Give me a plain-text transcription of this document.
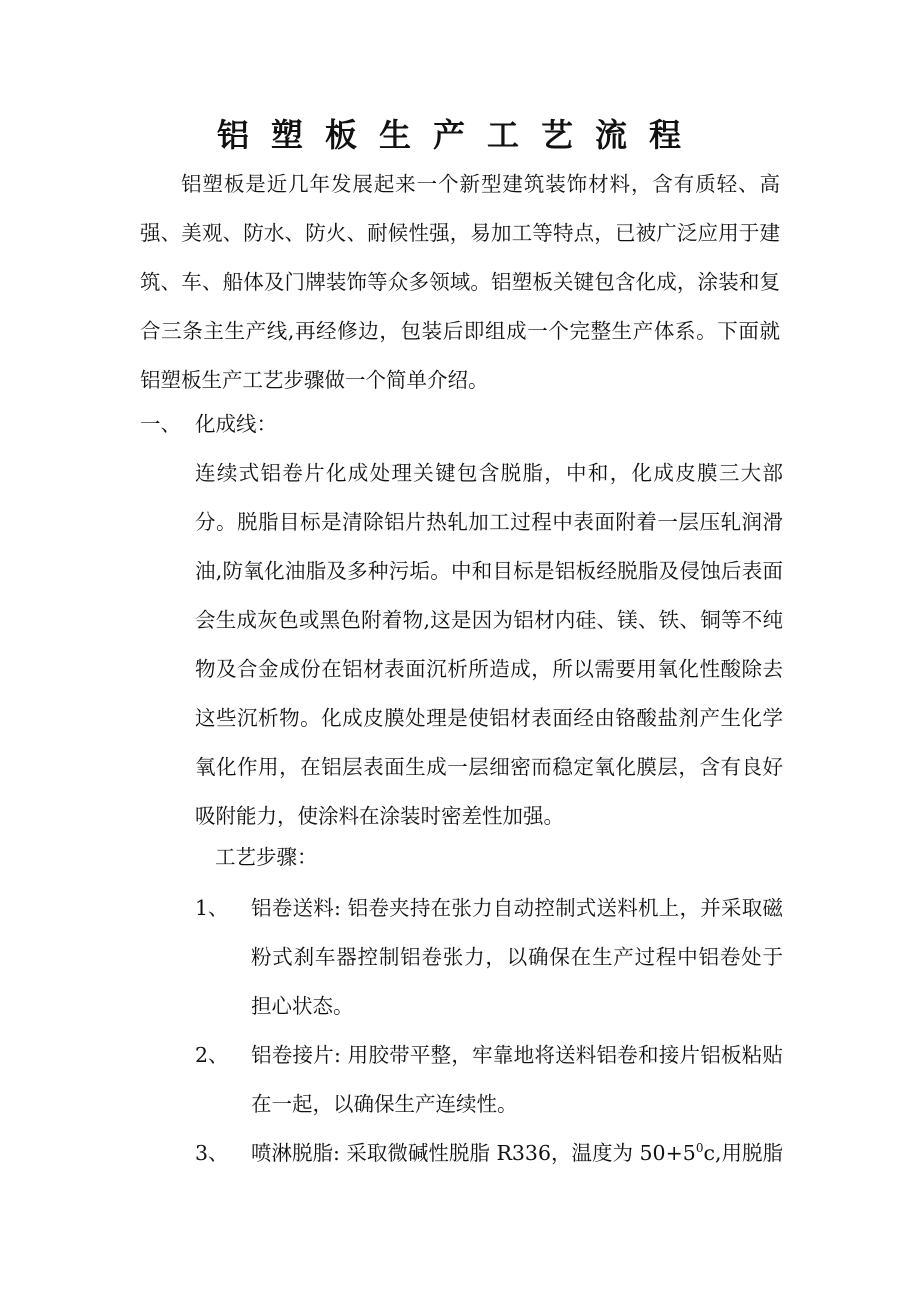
铝塑板生产工艺流程
铝塑板是近几年发展起来一个新型建筑装饰材料，含有质轻、高强、美观、防水、防火、耐候性强，易加工等特点，已被广泛应用于建筑、车、船体及门牌装饰等众多领域。铝塑板关键包含化成，涂装和复合三条主生产线,再经修边，包装后即组成一个完整生产体系。下面就铝塑板生产工艺步骤做一个简单介绍。
一、 化成线：
连续式铝卷片化成处理关键包含脱脂，中和，化成皮膜三大部分。脱脂目标是清除铝片热轧加工过程中表面附着一层压轧润滑油,防氧化油脂及多种污垢。中和目标是铝板经脱脂及侵蚀后表面会生成灰色或黑色附着物,这是因为铝材内硅、镁、铁、铜等不纯物及合金成份在铝材表面沉析所造成，所以需要用氧化性酸除去这些沉析物。化成皮膜处理是使铝材表面经由铬酸盐剂产生化学氧化作用，在铝层表面生成一层细密而稳定氧化膜层，含有良好吸附能力，使涂料在涂装时密差性加强。
工艺步骤：
1、 铝卷送料: 铝卷夹持在张力自动控制式送料机上，并采取磁粉式刹车器控制铝卷张力，以确保在生产过程中铝卷处于担心状态。
2、 铝卷接片: 用胶带平整，牢靠地将送料铝卷和接片铝板粘贴在一起，以确保生产连续性。
3、 喷淋脱脂: 采取微碱性脱脂 R336，温度为 $50+5^0c$,用脱脂
